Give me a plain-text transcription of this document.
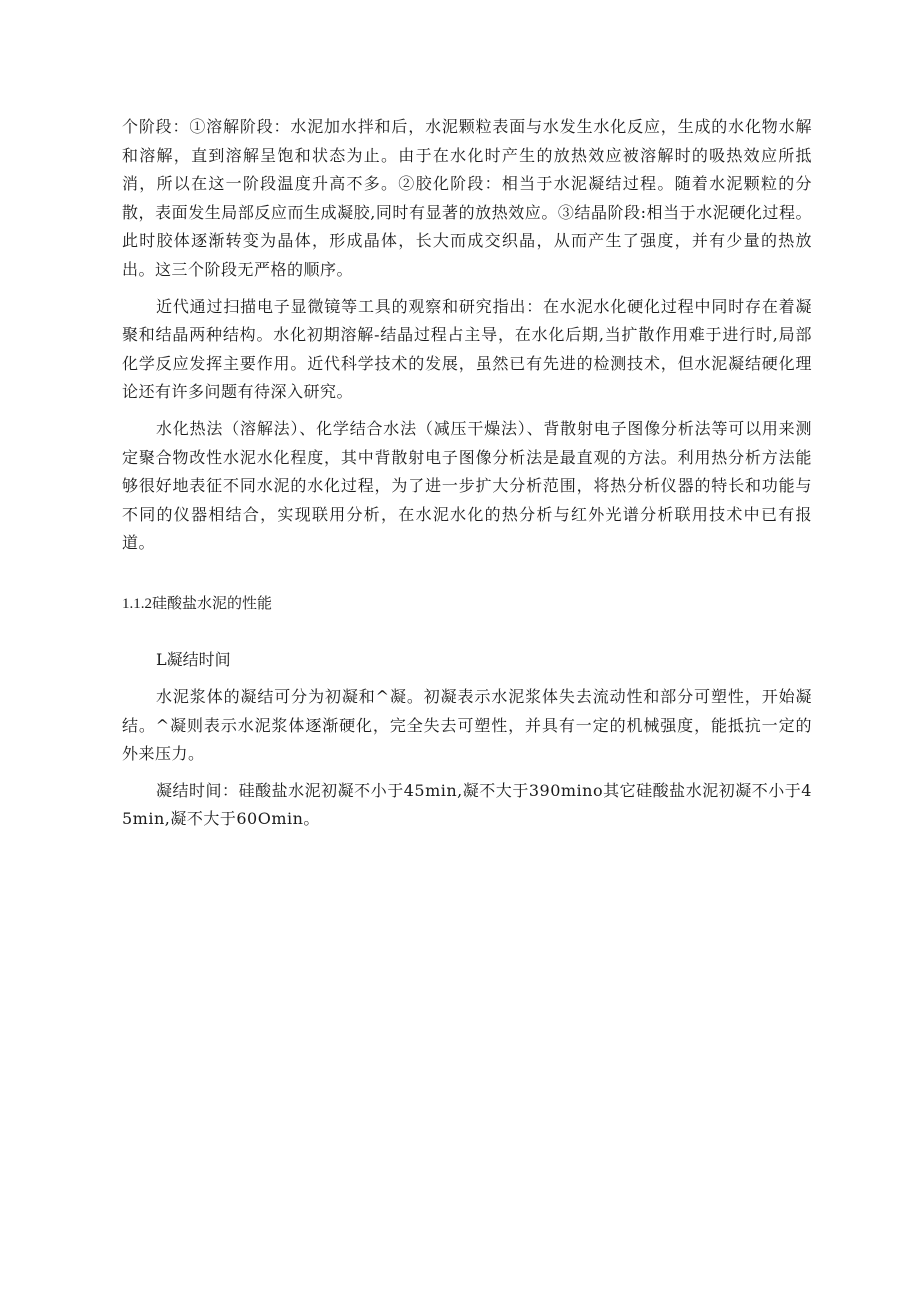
个阶段：①溶解阶段：水泥加水拌和后，水泥颗粒表面与水发生水化反应，生成的水化物水解和溶解，直到溶解呈饱和状态为止。由于在水化时产生的放热效应被溶解时的吸热效应所抵消，所以在这一阶段温度升高不多。②胶化阶段：相当于水泥凝结过程。随着水泥颗粒的分散，表面发生局部反应而生成凝胶,同时有显著的放热效应。③结晶阶段:相当于水泥硬化过程。此时胶体逐渐转变为晶体，形成晶体，长大而成交织晶，从而产生了强度，并有少量的热放出。这三个阶段无严格的顺序。

近代通过扫描电子显微镜等工具的观察和研究指出：在水泥水化硬化过程中同时存在着凝聚和结晶两种结构。水化初期溶解-结晶过程占主导，在水化后期,当扩散作用难于进行时,局部化学反应发挥主要作用。近代科学技术的发展，虽然已有先进的检测技术，但水泥凝结硬化理论还有许多问题有待深入研究。

水化热法（溶解法）、化学结合水法（减压干燥法）、背散射电子图像分析法等可以用来测定聚合物改性水泥水化程度，其中背散射电子图像分析法是最直观的方法。利用热分析方法能够很好地表征不同水泥的水化过程，为了进一步扩大分析范围，将热分析仪器的特长和功能与不同的仪器相结合，实现联用分析，在水泥水化的热分析与红外光谱分析联用技术中已有报道。

1.1.2硅酸盐水泥的性能
L凝结时间

水泥浆体的凝结可分为初凝和^凝。初凝表示水泥浆体失去流动性和部分可塑性，开始凝结。^凝则表示水泥浆体逐渐硬化，完全失去可塑性，并具有一定的机械强度，能抵抗一定的外来压力。

凝结时间：硅酸盐水泥初凝不小于45min,凝不大于390mino其它硅酸盐水泥初凝不小于45min,凝不大于60Omin。
